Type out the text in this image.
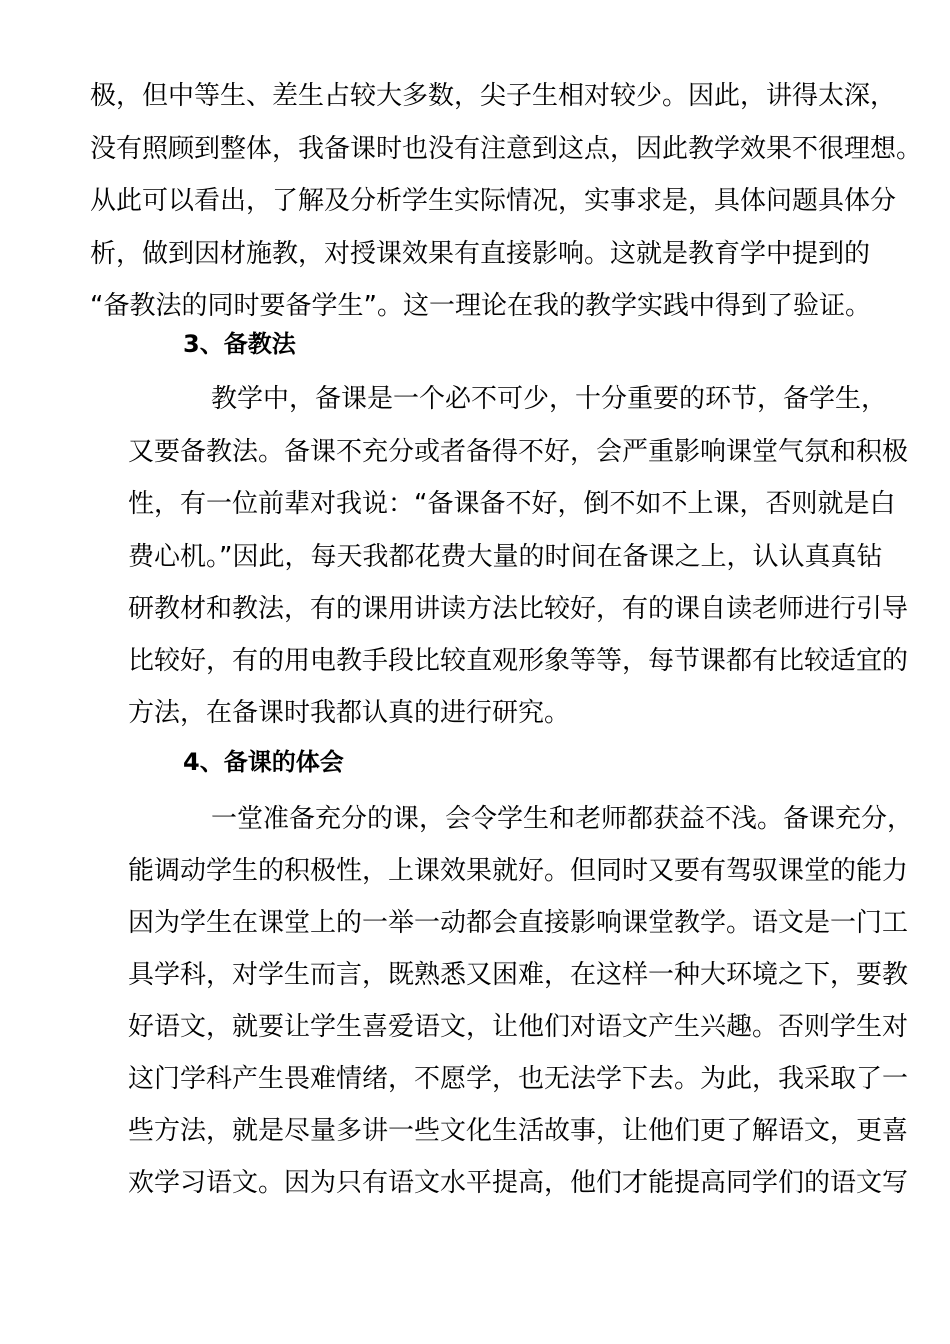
极，但中等生、差生占较大多数，尖子生相对较少。因此，讲得太深，
没有照顾到整体，我备课时也没有注意到这点，因此教学效果不很理想。
从此可以看出，了解及分析学生实际情况，实事求是，具体问题具体分
析，做到因材施教，对授课效果有直接影响。这就是教育学中提到的
“备教法的同时要备学生”。这一理论在我的教学实践中得到了验证。
3、备教法
教学中，备课是一个必不可少，十分重要的环节，备学生，
又要备教法。备课不充分或者备得不好，会严重影响课堂气氛和积极
性，有一位前辈对我说：“备课备不好，倒不如不上课，否则就是白
费心机。”因此，每天我都花费大量的时间在备课之上，认认真真钻
研教材和教法，有的课用讲读方法比较好，有的课自读老师进行引导
比较好，有的用电教手段比较直观形象等等，每节课都有比较适宜的
方法，在备课时我都认真的进行研究。
4、备课的体会
一堂准备充分的课，会令学生和老师都获益不浅。备课充分，
能调动学生的积极性，上课效果就好。但同时又要有驾驭课堂的能力
因为学生在课堂上的一举一动都会直接影响课堂教学。语文是一门工
具学科，对学生而言，既熟悉又困难，在这样一种大环境之下，要教
好语文，就要让学生喜爱语文，让他们对语文产生兴趣。否则学生对
这门学科产生畏难情绪，不愿学，也无法学下去。为此，我采取了一
些方法，就是尽量多讲一些文化生活故事，让他们更了解语文，更喜
欢学习语文。因为只有语文水平提高，他们才能提高同学们的语文写
